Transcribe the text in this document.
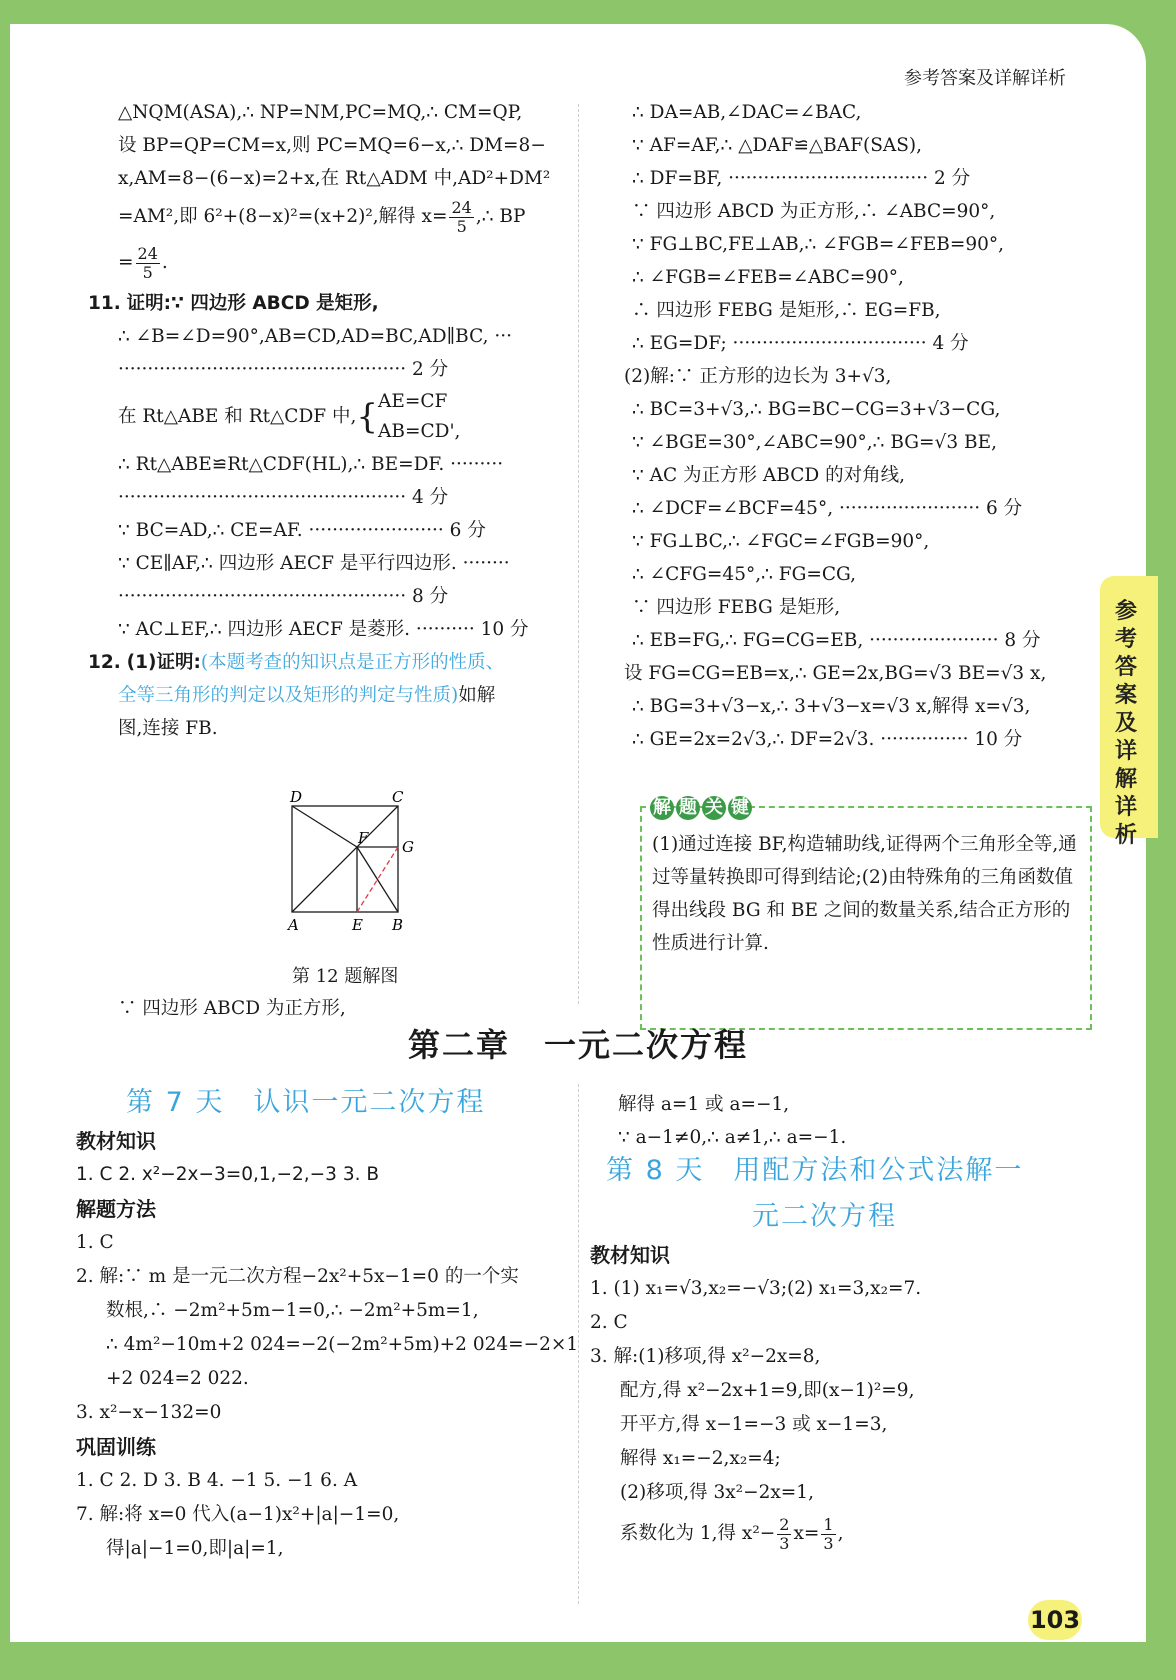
参考答案及详解详析

△NQM(ASA),∴ NP=NM,PC=MQ,∴ CM=QP,

设 BP=QP=CM=x,则 PC=MQ=6−x,∴ DM=8−

x,AM=8−(6−x)=2+x,在 Rt△ADM 中,AD²+DM²

=AM²,即 6²+(8−x)²=(x+2)²,解得 $x= \frac{24}{5}$ ,∴ BP

= $\frac{24}{5}$ .

11. 证明:∵ 四边形 ABCD 是矩形,

∴ ∠B=∠D=90°,AB=CD,AD=BC,AD∥BC, ···

················································· 2 分

在 Rt△ABE 和 Rt△CDF 中,{ AE=CF
AB=CD',

∴ Rt△ABE≌Rt△CDF(HL),∴ BE=DF. ·········

················································· 4 分

∵ BC=AD,∴ CE=AF. ······················· 6 分

∵ CE∥AF,∴ 四边形 AECF 是平行四边形. ········

················································· 8 分

∵ AC⊥EF,∴ 四边形 AECF 是菱形. ·········· 10 分

12. (1)证明:(本题考查的知识点是正方形的性质、

全等三角形的判定以及矩形的判定与性质)如解

图,连接 FB.

D	C
F G
A	E B
第 12 题解图
∵ 四边形 ABCD 为正方形,

∴ DA=AB,∠DAC=∠BAC,

∵ AF=AF,∴ △DAF≌△BAF(SAS),

∴ DF=BF, ·································· 2 分

∵ 四边形 ABCD 为正方形,∴ ∠ABC=90°,

∵ FG⊥BC,FE⊥AB,∴ ∠FGB=∠FEB=90°,

∴ ∠FGB=∠FEB=∠ABC=90°,

∴ 四边形 FEBG 是矩形,∴ EG=FB,

∴ EG=DF; ································· 4 分

(2)解:∵ 正方形的边长为 3+√3,

∴ BC=3+√3,∴ BG=BC−CG=3+√3−CG,

∵ ∠BGE=30°,∠ABC=90°,∴ BG=√3 BE,

∵ AC 为正方形 ABCD 的对角线,

∴ ∠DCF=∠BCF=45°, ························ 6 分

∵ FG⊥BC,∴ ∠FGC=∠FGB=90°,

∴ ∠CFG=45°,∴ FG=CG,

∵ 四边形 FEBG 是矩形,

∴ EB=FG,∴ FG=CG=EB, ······················ 8 分

设 FG=CG=EB=x,∴ GE=2x,BG=√3 BE=√3 x,

∴ BG=3+√3−x,∴ 3+√3−x=√3 x,解得 x=√3,

∴ GE=2x=2√3,∴ DF=2√3. ··············· 10 分

解 题 关 键
(1)通过连接 BF,构造辅助线,证得两个三角形全等,通过等量转换即可得到结论;(2)由特殊角的三角函数值得出线段 BG 和 BE 之间的数量关系,结合正方形的性质进行计算.
第二章　一元二次方程
第 7 天　认识一元二次方程

教材知识

1. C 2. x²−2x−3=0,1,−2,−3 3. B

解题方法

1. C

2. 解:∵ m 是一元二次方程−2x²+5x−1=0 的一个实

数根,∴ −2m²+5m−1=0,∴ −2m²+5m=1,

∴ 4m²−10m+2 024=−2(−2m²+5m)+2 024=−2×1

+2 024=2 022.

3. x²−x−132=0

巩固训练

1. C 2. D 3. B 4. −1 5. −1 6. A

7. 解:将 x=0 代入(a−1)x²+|a|−1=0,

得|a|−1=0,即|a|=1,

解得 a=1 或 a=−1,

∵ a−1≠0,∴ a≠1,∴ a=−1.

第 8 天　用配方法和公式法解一
元二次方程

教材知识

1. (1) x₁=√3,x₂=−√3;(2) x₁=3,x₂=7.

2. C

3. 解:(1)移项,得 x²−2x=8,

配方,得 x²−2x+1=9,即(x−1)²=9,

开平方,得 x−1=−3 或 x−1=3,

解得 x₁=−2,x₂=4;

(2)移项,得 3x²−2x=1,

系数化为 1,得 $x^2- \frac{2}{3} x= \frac{1}{3}$ ,

103
参考答案及详解详析
